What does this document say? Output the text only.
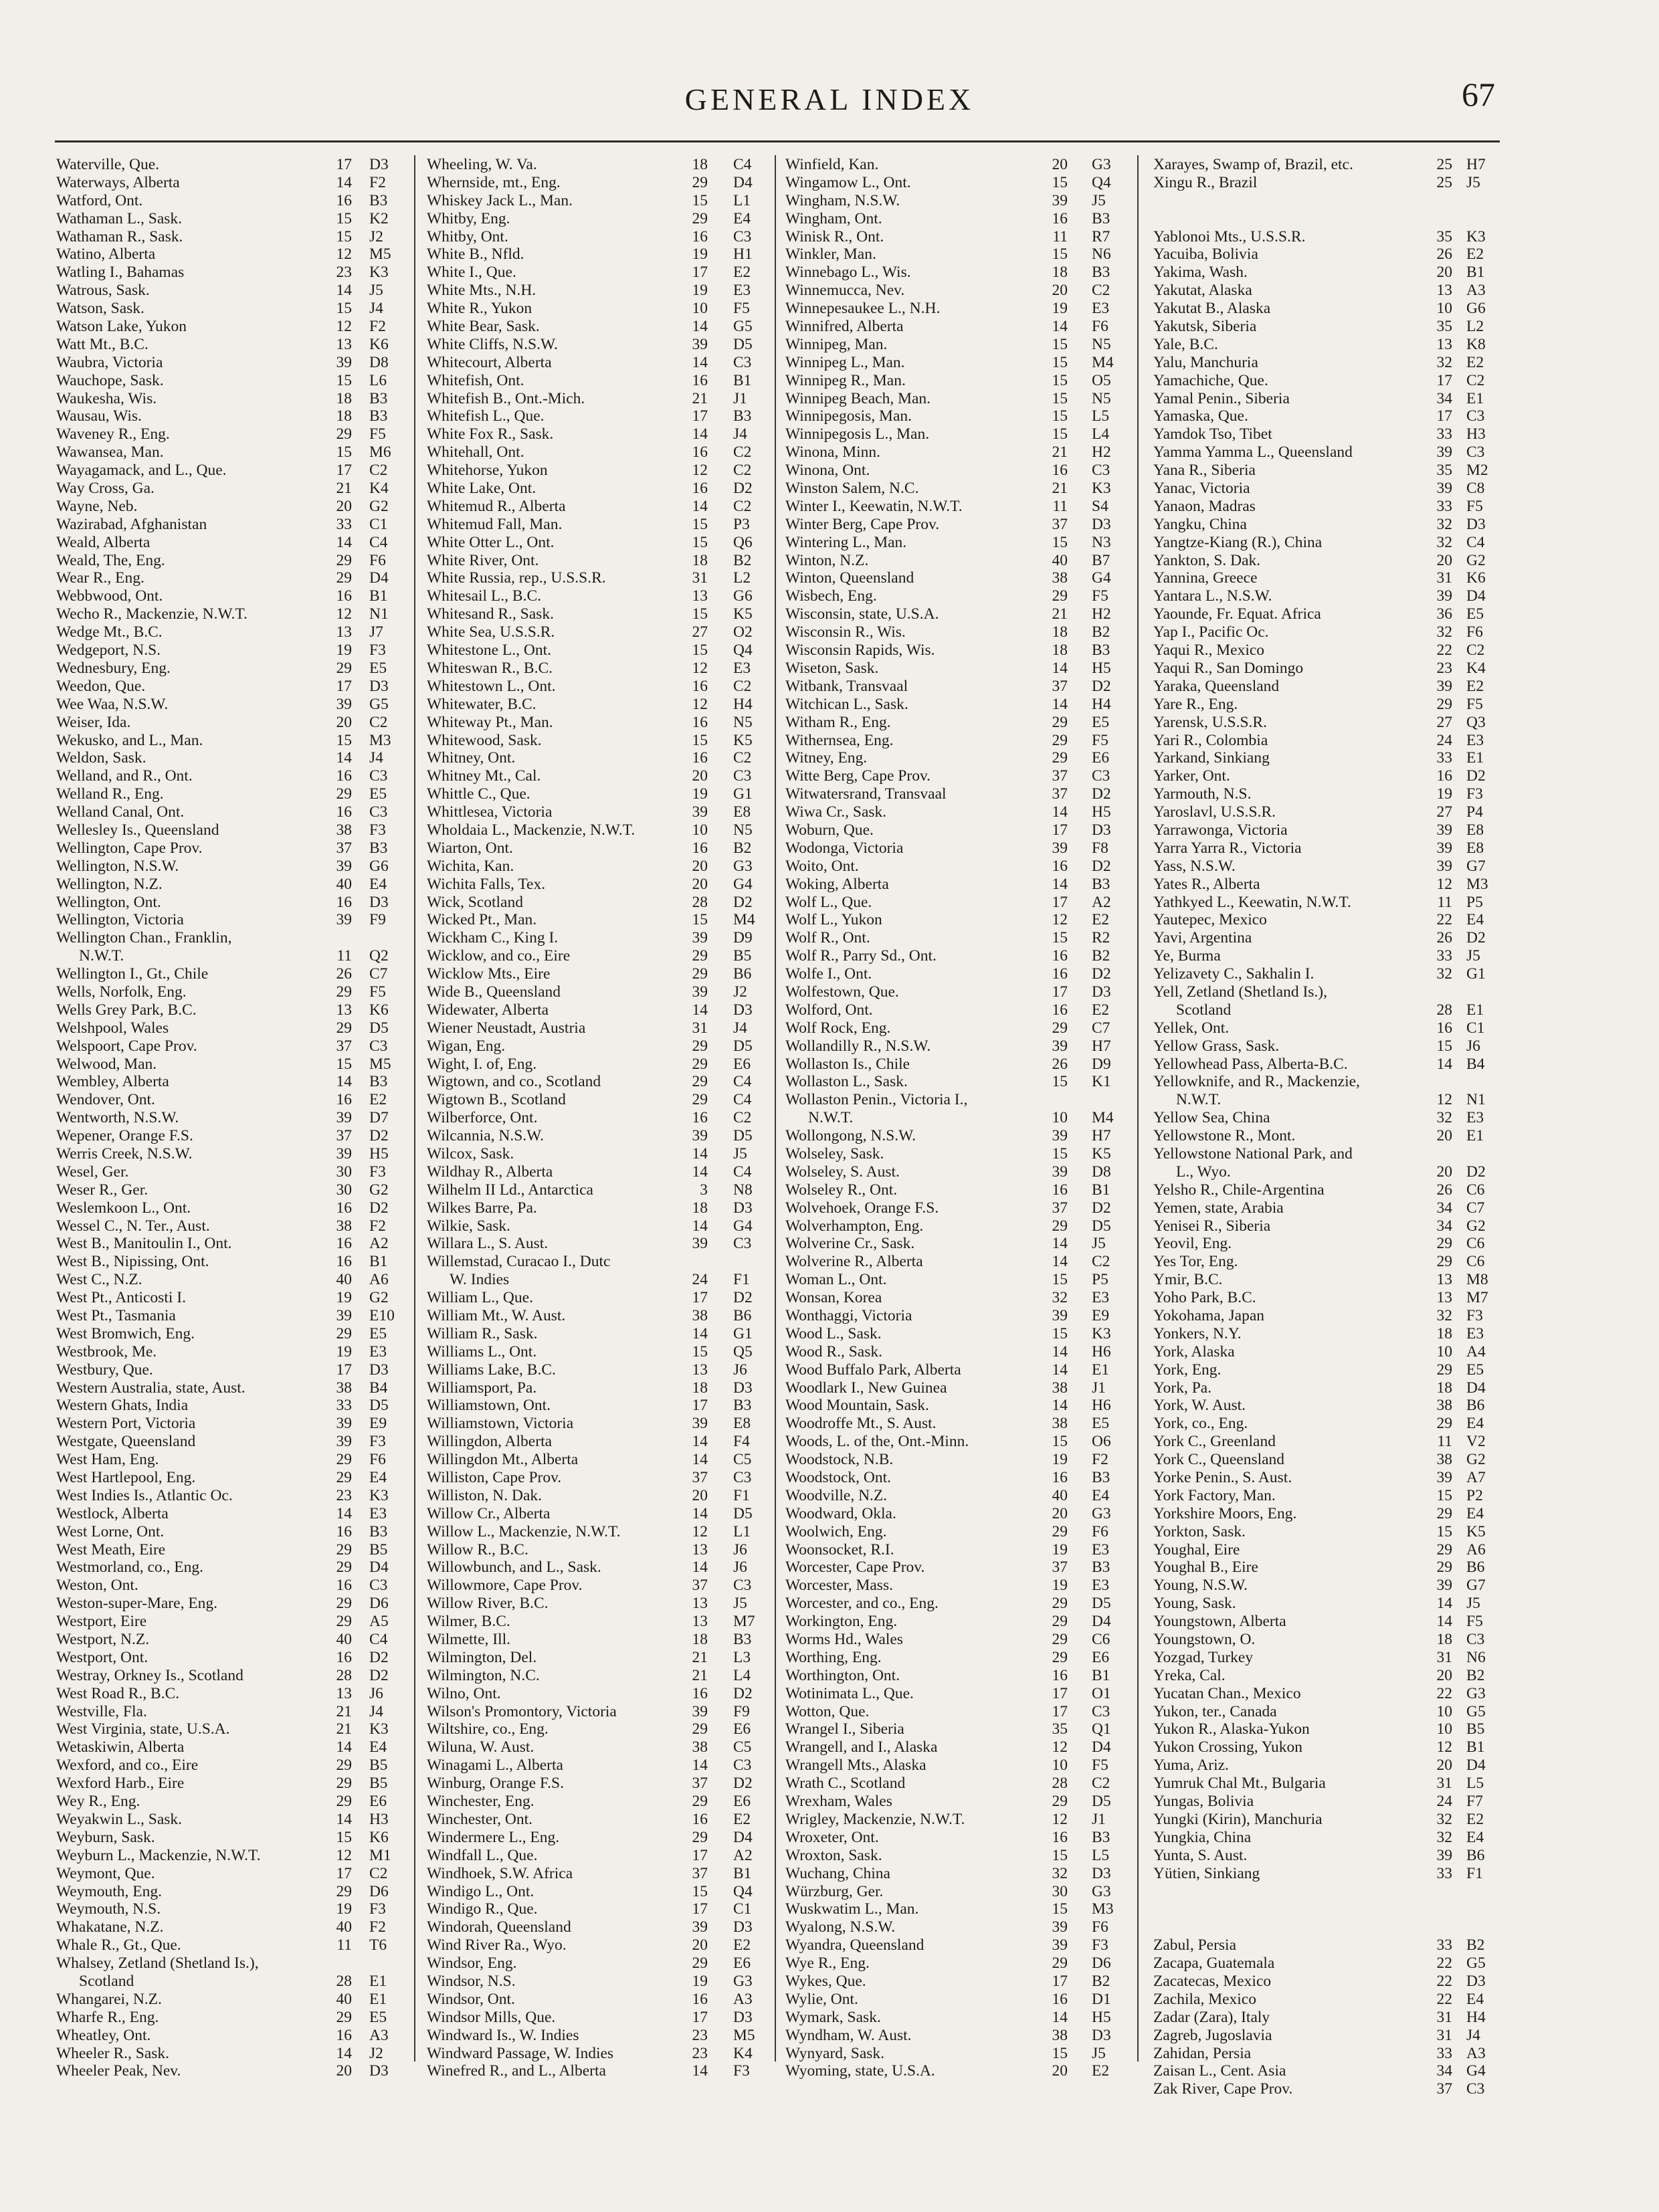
GENERAL INDEX	67
Waterville, Que.	17 D3
Waterways, Alberta	14 F2
Watford, Ont.	16 B3
Wathaman L., Sask.	15 K2
Wathaman R., Sask.	15 J2
Watino, Alberta	12 M5
Watling I., Bahamas	23 K3
Watrous, Sask.	14 J5
Watson, Sask.	15 J4
Watson Lake, Yukon	12 F2
Watt Mt., B.C.	13 K6
Waubra, Victoria	39 D8
Wauchope, Sask.	15 L6
Waukesha, Wis.	18 B3
Wausau, Wis.	18 B3
Waveney R., Eng.	29 F5
Wawansea, Man.	15 M6
Wayagamack, and L., Que.	17 C2
Way Cross, Ga.	21 K4
Wayne, Neb.	20 G2
Wazirabad, Afghanistan	33 C1
Weald, Alberta	14 C4
Weald, The, Eng.	29 F6
Wear R., Eng.	29 D4
Webbwood, Ont.	16 B1
Wecho R., Mackenzie, N.W.T.	12 N1
Wedge Mt., B.C.	13 J7
Wedgeport, N.S.	19 F3
Wednesbury, Eng.	29 E5
Weedon, Que.	17 D3
Wee Waa, N.S.W.	39 G5
Weiser, Ida.	20 C2
Wekusko, and L., Man.	15 M3
Weldon, Sask.	14 J4
Welland, and R., Ont.	16 C3
Welland R., Eng.	29 E5
Welland Canal, Ont.	16 C3
Wellesley Is., Queensland	38 F3
Wellington, Cape Prov.	37 B3
Wellington, N.S.W.	39 G6
Wellington, N.Z.	40 E4
Wellington, Ont.	16 D3
Wellington, Victoria	39 F9
Wellington Chan., Franklin,
N.W.T.	11 Q2
Wellington I., Gt., Chile	26 C7
Wells, Norfolk, Eng.	29 F5
Wells Grey Park, B.C.	13 K6
Welshpool, Wales	29 D5
Welspoort, Cape Prov.	37 C3
Welwood, Man.	15 M5
Wembley, Alberta	14 B3
Wendover, Ont.	16 E2
Wentworth, N.S.W.	39 D7
Wepener, Orange F.S.	37 D2
Werris Creek, N.S.W.	39 H5
Wesel, Ger.	30 F3
Weser R., Ger.	30 G2
Weslemkoon L., Ont.	16 D2
Wessel C., N. Ter., Aust.	38 F2
West B., Manitoulin I., Ont.	16 A2
West B., Nipissing, Ont.	16 B1
West C., N.Z.	40 A6
West Pt., Anticosti I.	19 G2
West Pt., Tasmania	39 E10
West Bromwich, Eng.	29 E5
Westbrook, Me.	19 E3
Westbury, Que.	17 D3
Western Australia, state, Aust.	38 B4
Western Ghats, India	33 D5
Western Port, Victoria	39 E9
Westgate, Queensland	39 F3
West Ham, Eng.	29 F6
West Hartlepool, Eng.	29 E4
West Indies Is., Atlantic Oc.	23 K3
Westlock, Alberta	14 E3
West Lorne, Ont.	16 B3
West Meath, Eire	29 B5
Westmorland, co., Eng.	29 D4
Weston, Ont.	16 C3
Weston-super-Mare, Eng.	29 D6
Westport, Eire	29 A5
Westport, N.Z.	40 C4
Westport, Ont.	16 D2
Westray, Orkney Is., Scotland	28 D2
West Road R., B.C.	13 J6
Westville, Fla.	21 J4
West Virginia, state, U.S.A.	21 K3
Wetaskiwin, Alberta	14 E4
Wexford, and co., Eire	29 B5
Wexford Harb., Eire	29 B5
Wey R., Eng.	29 E6
Weyakwin L., Sask.	14 H3
Weyburn, Sask.	15 K6
Weyburn L., Mackenzie, N.W.T.	12 M1
Weymont, Que.	17 C2
Weymouth, Eng.	29 D6
Weymouth, N.S.	19 F3
Whakatane, N.Z.	40 F2
Whale R., Gt., Que.	11 T6
Whalsey, Zetland (Shetland Is.),
Scotland	28 E1
Whangarei, N.Z.	40 E1
Wharfe R., Eng.	29 E5
Wheatley, Ont.	16 A3
Wheeler R., Sask.	14 J2
Wheeler Peak, Nev.	20 D3
Wheeling, W. Va.	18 C4
Whernside, mt., Eng.	29 D4
Whiskey Jack L., Man.	15 L1
Whitby, Eng.	29 E4
Whitby, Ont.	16 C3
White B., Nfld.	19 H1
White I., Que.	17 E2
White Mts., N.H.	19 E3
White R., Yukon	10 F5
White Bear, Sask.	14 G5
White Cliffs, N.S.W.	39 D5
Whitecourt, Alberta	14 C3
Whitefish, Ont.	16 B1
Whitefish B., Ont.-Mich.	21 J1
Whitefish L., Que.	17 B3
White Fox R., Sask.	14 J4
Whitehall, Ont.	16 C2
Whitehorse, Yukon	12 C2
White Lake, Ont.	16 D2
Whitemud R., Alberta	14 C2
Whitemud Fall, Man.	15 P3
White Otter L., Ont.	15 Q6
White River, Ont.	18 B2
White Russia, rep., U.S.S.R.	31 L2
Whitesail L., B.C.	13 G6
Whitesand R., Sask.	15 K5
White Sea, U.S.S.R.	27 O2
Whitestone L., Ont.	15 Q4
Whiteswan R., B.C.	12 E3
Whitestown L., Ont.	16 C2
Whitewater, B.C.	12 H4
Whiteway Pt., Man.	16 N5
Whitewood, Sask.	15 K5
Whitney, Ont.	16 C2
Whitney Mt., Cal.	20 C3
Whittle C., Que.	19 G1
Whittlesea, Victoria	39 E8
Wholdaia L., Mackenzie, N.W.T.	10 N5
Wiarton, Ont.	16 B2
Wichita, Kan.	20 G3
Wichita Falls, Tex.	20 G4
Wick, Scotland	28 D2
Wicked Pt., Man.	15 M4
Wickham C., King I.	39 D9
Wicklow, and co., Eire	29 B5
Wicklow Mts., Eire	29 B6
Wide B., Queensland	39 J2
Widewater, Alberta	14 D3
Wiener Neustadt, Austria	31 J4
Wigan, Eng.	29 D5
Wight, I. of, Eng.	29 E6
Wigtown, and co., Scotland	29 C4
Wigtown B., Scotland	29 C4
Wilberforce, Ont.	16 C2
Wilcannia, N.S.W.	39 D5
Wilcox, Sask.	14 J5
Wildhay R., Alberta	14 C4
Wilhelm II Ld., Antarctica	3 N8
Wilkes Barre, Pa.	18 D3
Wilkie, Sask.	14 G4
Willara L., S. Aust.	39 C3
Willemstad, Curacao I., Dutc
W. Indies	24 F1
William L., Que.	17 D2
William Mt., W. Aust.	38 B6
William R., Sask.	14 G1
Williams L., Ont.	15 Q5
Williams Lake, B.C.	13 J6
Williamsport, Pa.	18 D3
Williamstown, Ont.	17 B3
Williamstown, Victoria	39 E8
Willingdon, Alberta	14 F4
Willingdon Mt., Alberta	14 C5
Williston, Cape Prov.	37 C3
Williston, N. Dak.	20 F1
Willow Cr., Alberta	14 D5
Willow L., Mackenzie, N.W.T.	12 L1
Willow R., B.C.	13 J6
Willowbunch, and L., Sask.	14 J6
Willowmore, Cape Prov.	37 C3
Willow River, B.C.	13 J5
Wilmer, B.C.	13 M7
Wilmette, Ill.	18 B3
Wilmington, Del.	21 L3
Wilmington, N.C.	21 L4
Wilno, Ont.	16 D2
Wilson's Promontory, Victoria	39 F9
Wiltshire, co., Eng.	29 E6
Wiluna, W. Aust.	38 C5
Winagami L., Alberta	14 C3
Winburg, Orange F.S.	37 D2
Winchester, Eng.	29 E6
Winchester, Ont.	16 E2
Windermere L., Eng.	29 D4
Windfall L., Que.	17 A2
Windhoek, S.W. Africa	37 B1
Windigo L., Ont.	15 Q4
Windigo R., Que.	17 C1
Windorah, Queensland	39 D3
Wind River Ra., Wyo.	20 E2
Windsor, Eng.	29 E6
Windsor, N.S.	19 G3
Windsor, Ont.	16 A3
Windsor Mills, Que.	17 D3
Windward Is., W. Indies	23 M5
Windward Passage, W. Indies	23 K4
Winefred R., and L., Alberta	14 F3
Winfield, Kan.	20 G3
Wingamow L., Ont.	15 Q4
Wingham, N.S.W.	39 J5
Wingham, Ont.	16 B3
Winisk R., Ont.	11 R7
Winkler, Man.	15 N6
Winnebago L., Wis.	18 B3
Winnemucca, Nev.	20 C2
Winnepesaukee L., N.H.	19 E3
Winnifred, Alberta	14 F6
Winnipeg, Man.	15 N5
Winnipeg L., Man.	15 M4
Winnipeg R., Man.	15 O5
Winnipeg Beach, Man.	15 N5
Winnipegosis, Man.	15 L5
Winnipegosis L., Man.	15 L4
Winona, Minn.	21 H2
Winona, Ont.	16 C3
Winston Salem, N.C.	21 K3
Winter I., Keewatin, N.W.T.	11 S4
Winter Berg, Cape Prov.	37 D3
Wintering L., Man.	15 N3
Winton, N.Z.	40 B7
Winton, Queensland	38 G4
Wisbech, Eng.	29 F5
Wisconsin, state, U.S.A.	21 H2
Wisconsin R., Wis.	18 B2
Wisconsin Rapids, Wis.	18 B3
Wiseton, Sask.	14 H5
Witbank, Transvaal	37 D2
Witchican L., Sask.	14 H4
Witham R., Eng.	29 E5
Withernsea, Eng.	29 F5
Witney, Eng.	29 E6
Witte Berg, Cape Prov.	37 C3
Witwatersrand, Transvaal	37 D2
Wiwa Cr., Sask.	14 H5
Woburn, Que.	17 D3
Wodonga, Victoria	39 F8
Woito, Ont.	16 D2
Woking, Alberta	14 B3
Wolf L., Que.	17 A2
Wolf L., Yukon	12 E2
Wolf R., Ont.	15 R2
Wolf R., Parry Sd., Ont.	16 B2
Wolfe I., Ont.	16 D2
Wolfestown, Que.	17 D3
Wolford, Ont.	16 E2
Wolf Rock, Eng.	29 C7
Wollandilly R., N.S.W.	39 H7
Wollaston Is., Chile	26 D9
Wollaston L., Sask.	15 K1
Wollaston Penin., Victoria I.,
N.W.T.	10 M4
Wollongong, N.S.W.	39 H7
Wolseley, Sask.	15 K5
Wolseley, S. Aust.	39 D8
Wolseley R., Ont.	16 B1
Wolvehoek, Orange F.S.	37 D2
Wolverhampton, Eng.	29 D5
Wolverine Cr., Sask.	14 J5
Wolverine R., Alberta	14 C2
Woman L., Ont.	15 P5
Wonsan, Korea	32 E3
Wonthaggi, Victoria	39 E9
Wood L., Sask.	15 K3
Wood R., Sask.	14 H6
Wood Buffalo Park, Alberta	14 E1
Woodlark I., New Guinea	38 J1
Wood Mountain, Sask.	14 H6
Woodroffe Mt., S. Aust.	38 E5
Woods, L. of the, Ont.-Minn.	15 O6
Woodstock, N.B.	19 F2
Woodstock, Ont.	16 B3
Woodville, N.Z.	40 E4
Woodward, Okla.	20 G3
Woolwich, Eng.	29 F6
Woonsocket, R.I.	19 E3
Worcester, Cape Prov.	37 B3
Worcester, Mass.	19 E3
Worcester, and co., Eng.	29 D5
Workington, Eng.	29 D4
Worms Hd., Wales	29 C6
Worthing, Eng.	29 E6
Worthington, Ont.	16 B1
Wotinimata L., Que.	17 O1
Wotton, Que.	17 C3
Wrangel I., Siberia	35 Q1
Wrangell, and I., Alaska	12 D4
Wrangell Mts., Alaska	10 F5
Wrath C., Scotland	28 C2
Wrexham, Wales	29 D5
Wrigley, Mackenzie, N.W.T.	12 J1
Wroxeter, Ont.	16 B3
Wroxton, Sask.	15 L5
Wuchang, China	32 D3
Würzburg, Ger.	30 G3
Wuskwatim L., Man.	15 M3
Wyalong, N.S.W.	39 F6
Wyandra, Queensland	39 F3
Wye R., Eng.	29 D6
Wykes, Que.	17 B2
Wylie, Ont.	16 D1
Wymark, Sask.	14 H5
Wyndham, W. Aust.	38 D3
Wynyard, Sask.	15 J5
Wyoming, state, U.S.A.	20 E2
Xarayes, Swamp of, Brazil, etc.	25 H7
Xingu R., Brazil	25 J5
Yablonoi Mts., U.S.S.R.	35 K3
Yacuiba, Bolivia	26 E2
Yakima, Wash.	20 B1
Yakutat, Alaska	13 A3
Yakutat B., Alaska	10 G6
Yakutsk, Siberia	35 L2
Yale, B.C.	13 K8
Yalu, Manchuria	32 E2
Yamachiche, Que.	17 C2
Yamal Penin., Siberia	34 E1
Yamaska, Que.	17 C3
Yamdok Tso, Tibet	33 H3
Yamma Yamma L., Queensland	39 C3
Yana R., Siberia	35 M2
Yanac, Victoria	39 C8
Yanaon, Madras	33 F5
Yangku, China	32 D3
Yangtze-Kiang (R.), China	32 C4
Yankton, S. Dak.	20 G2
Yannina, Greece	31 K6
Yantara L., N.S.W.	39 D4
Yaounde, Fr. Equat. Africa	36 E5
Yap I., Pacific Oc.	32 F6
Yaqui R., Mexico	22 C2
Yaqui R., San Domingo	23 K4
Yaraka, Queensland	39 E2
Yare R., Eng.	29 F5
Yarensk, U.S.S.R.	27 Q3
Yari R., Colombia	24 E3
Yarkand, Sinkiang	33 E1
Yarker, Ont.	16 D2
Yarmouth, N.S.	19 F3
Yaroslavl, U.S.S.R.	27 P4
Yarrawonga, Victoria	39 E8
Yarra Yarra R., Victoria	39 E8
Yass, N.S.W.	39 G7
Yates R., Alberta	12 M3
Yathkyed L., Keewatin, N.W.T.	11 P5
Yautepec, Mexico	22 E4
Yavi, Argentina	26 D2
Ye, Burma	33 J5
Yelizavety C., Sakhalin I.	32 G1
Yell, Zetland (Shetland Is.),
Scotland	28 E1
Yellek, Ont.	16 C1
Yellow Grass, Sask.	15 J6
Yellowhead Pass, Alberta-B.C.	14 B4
Yellowknife, and R., Mackenzie,
N.W.T.	12 N1
Yellow Sea, China	32 E3
Yellowstone R., Mont.	20 E1
Yellowstone National Park, and
L., Wyo.	20 D2
Yelsho R., Chile-Argentina	26 C6
Yemen, state, Arabia	34 C7
Yenisei R., Siberia	34 G2
Yeovil, Eng.	29 C6
Yes Tor, Eng.	29 C6
Ymir, B.C.	13 M8
Yoho Park, B.C.	13 M7
Yokohama, Japan	32 F3
Yonkers, N.Y.	18 E3
York, Alaska	10 A4
York, Eng.	29 E5
York, Pa.	18 D4
York, W. Aust.	38 B6
York, co., Eng.	29 E4
York C., Greenland	11 V2
York C., Queensland	38 G2
Yorke Penin., S. Aust.	39 A7
York Factory, Man.	15 P2
Yorkshire Moors, Eng.	29 E4
Yorkton, Sask.	15 K5
Youghal, Eire	29 A6
Youghal B., Eire	29 B6
Young, N.S.W.	39 G7
Young, Sask.	14 J5
Youngstown, Alberta	14 F5
Youngstown, O.	18 C3
Yozgad, Turkey	31 N6
Yreka, Cal.	20 B2
Yucatan Chan., Mexico	22 G3
Yukon, ter., Canada	10 G5
Yukon R., Alaska-Yukon	10 B5
Yukon Crossing, Yukon	12 B1
Yuma, Ariz.	20 D4
Yumruk Chal Mt., Bulgaria	31 L5
Yungas, Bolivia	24 F7
Yungki (Kirin), Manchuria	32 E2
Yungkia, China	32 E4
Yunta, S. Aust.	39 B6
Yütien, Sinkiang	33 F1
Zabul, Persia	33 B2
Zacapa, Guatemala	22 G5
Zacatecas, Mexico	22 D3
Zachila, Mexico	22 E4
Zadar (Zara), Italy	31 H4
Zagreb, Jugoslavia	31 J4
Zahidan, Persia	33 A3
Zaisan L., Cent. Asia	34 G4
Zak River, Cape Prov.	37 C3
